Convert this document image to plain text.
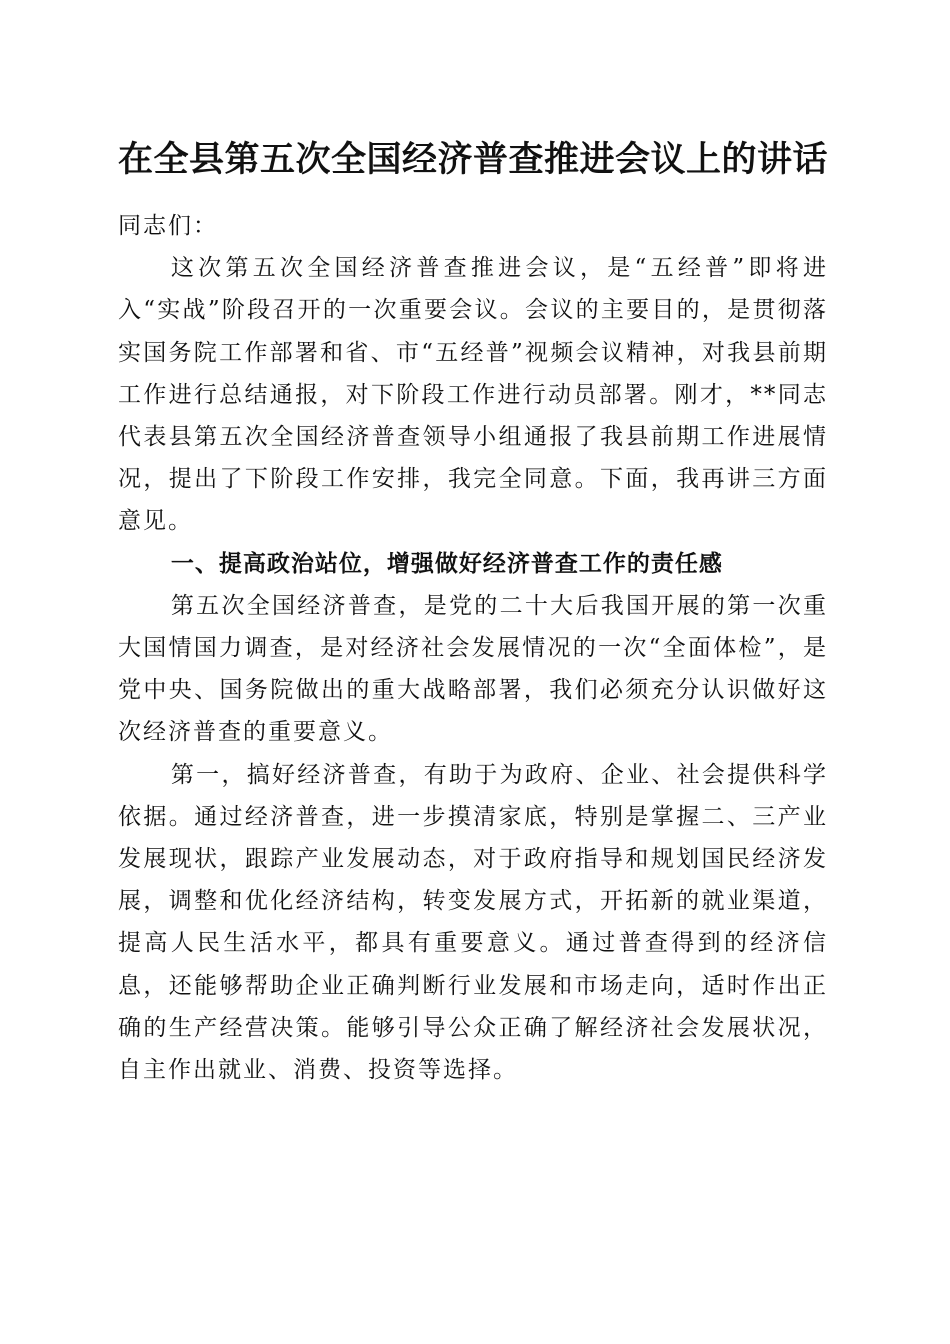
在全县第五次全国经济普查推进会议上的讲话

同志们：

这次第五次全国经济普查推进会议，是“五经普”即将进入“实战”阶段召开的一次重要会议。会议的主要目的，是贯彻落实国务院工作部署和省、市“五经普”视频会议精神，对我县前期工作进行总结通报，对下阶段工作进行动员部署。刚才，**同志代表县第五次全国经济普查领导小组通报了我县前期工作进展情况，提出了下阶段工作安排，我完全同意。下面，我再讲三方面意见。

一、提高政治站位，增强做好经济普查工作的责任感

第五次全国经济普查，是党的二十大后我国开展的第一次重大国情国力调查，是对经济社会发展情况的一次“全面体检”，是党中央、国务院做出的重大战略部署，我们必须充分认识做好这次经济普查的重要意义。

第一，搞好经济普查，有助于为政府、企业、社会提供科学依据。通过经济普查，进一步摸清家底，特别是掌握二、三产业发展现状，跟踪产业发展动态，对于政府指导和规划国民经济发展，调整和优化经济结构，转变发展方式，开拓新的就业渠道，提高人民生活水平，都具有重要意义。通过普查得到的经济信息，还能够帮助企业正确判断行业发展和市场走向，适时作出正确的生产经营决策。能够引导公众正确了解经济社会发展状况，自主作出就业、消费、投资等选择。
